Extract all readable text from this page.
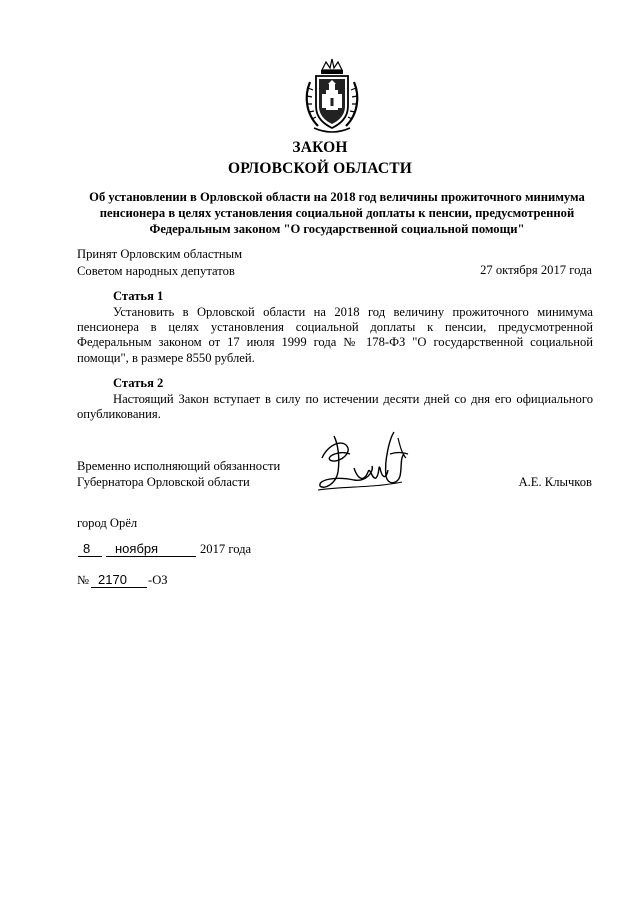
ЗАКОН
ОРЛОВСКОЙ ОБЛАСТИ
Об установлении в Орловской области на 2018 год величины прожиточного минимума пенсионера в целях установления социальной доплаты к пенсии, предусмотренной Федеральным законом "О государственной социальной помощи"
Принят Орловским областным
Советом народных депутатов	27 октября 2017 года
Статья 1

Установить в Орловской области на 2018 год величину прожиточного минимума пенсионера в целях установления социальной доплаты к пенсии, предусмотренной Федеральным законом от 17 июля 1999 года № 178-ФЗ "О государственной социальной помощи", в размере 8550 рублей.

Статья 2

Настоящий Закон вступает в силу по истечении десяти дней со дня его официального опубликования.

Временно исполняющий обязанности
Губернатора Орловской области	А.Е. Клычков
город Орёл
8 ноября	2017 года
№ 2170 -ОЗ
